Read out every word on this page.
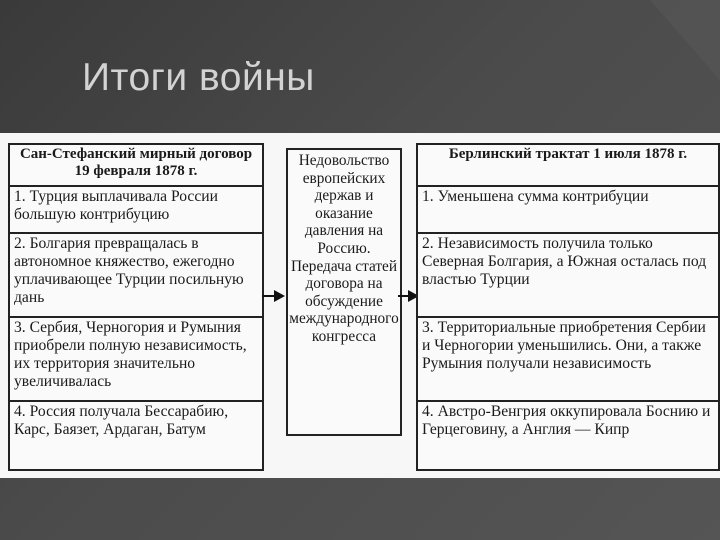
Итоги войны
Сан-Стефанский мирный договор 19 февраля 1878 г.
1. Турция выплачивала России большую контрибуцию
2. Болгария превращалась в автономное княжество, ежегодно уплачивающее Турции посильную дань
3. Сербия, Черногория и Румыния приобрели полную независимость, их территория значительно увеличивалась
4. Россия получала Бессарабию, Карс, Баязет, Ардаган, Батум
Недовольство европейских держав и оказание давления на Россию. Передача статей договора на обсуждение международного конгресса
Берлинский трактат 1 июля 1878 г.
1. Уменьшена сумма контрибуции
2. Независимость получила только Северная Болгария, а Южная осталась под властью Турции
3. Территориальные приобретения Сербии и Черногории уменьшились. Они, а также Румыния получали независимость
4. Австро-Венгрия оккупировала Боснию и Герцеговину, а Англия — Кипр
